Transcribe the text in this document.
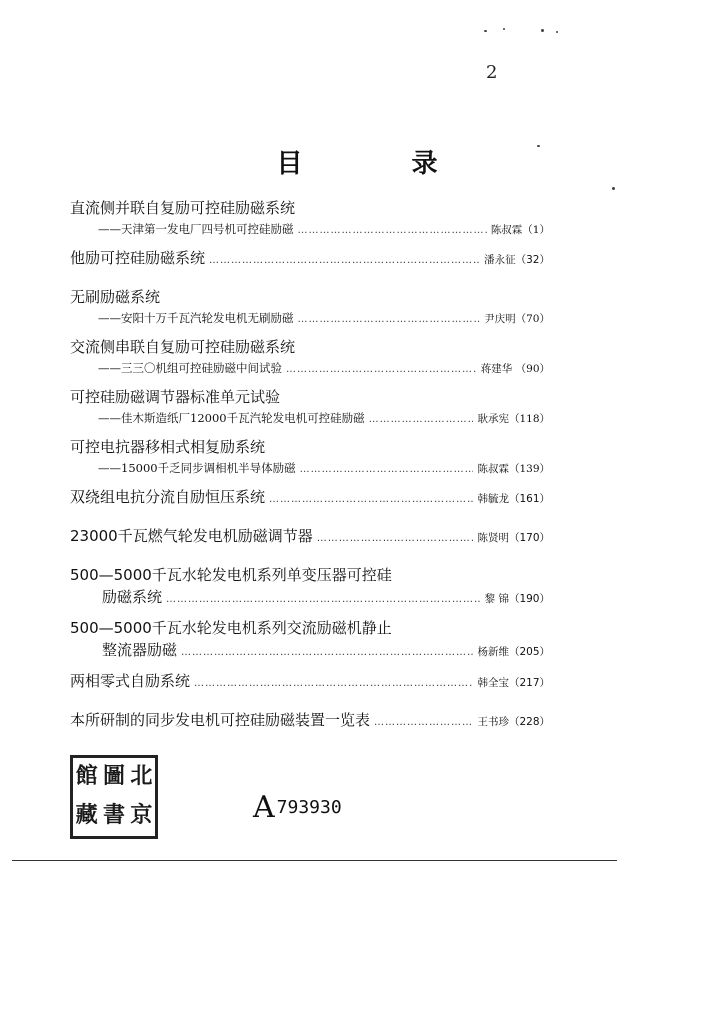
2
目 录
直流侧并联自复励可控硅励磁系统
——天津第一发电厂四号机可控硅励磁 ……………………………………………………………………………………………………………………………………………………	陈叔霖（1）
他励可控硅励磁系统 ……………………………………………………………………………………………………………………………………………………	潘永征（32）
无刷励磁系统
——安阳十万千瓦汽轮发电机无刷励磁 ……………………………………………………………………………………………………………………………………………………	尹庆明（70）
交流侧串联自复励可控硅励磁系统
——三三〇机组可控硅励磁中间试验 ……………………………………………………………………………………………………………………………………………………	蒋建华 （90）
可控硅励磁调节器标准单元试验
——佳木斯造纸厂12000千瓦汽轮发电机可控硅励磁 ……………………………………………………………………………………………………………………………………………………	耿承宪（118）
可控电抗器移相式相复励系统
——15000千乏同步调相机半导体励磁 ……………………………………………………………………………………………………………………………………………………	陈叔霖（139）
双绕组电抗分流自励恒压系统 ……………………………………………………………………………………………………………………………………………………	韩毓龙（161）
23000千瓦燃气轮发电机励磁调节器 ……………………………………………………………………………………………………………………………………………………	陈贤明（170）
500—5000千瓦水轮发电机系列单变压器可控硅
励磁系统 ……………………………………………………………………………………………………………………………………………………	黎 锦（190）
500—5000千瓦水轮发电机系列交流励磁机静止
整流器励磁 ……………………………………………………………………………………………………………………………………………………	杨新维（205）
两相零式自励系统 ……………………………………………………………………………………………………………………………………………………	韩全宝（217）
本所研制的同步发电机可控硅励磁装置一览表 ……………………………………………………………………………………………………………………………………………………	王书珍（228）
館 圖 北
藏 書 京	A 793930
